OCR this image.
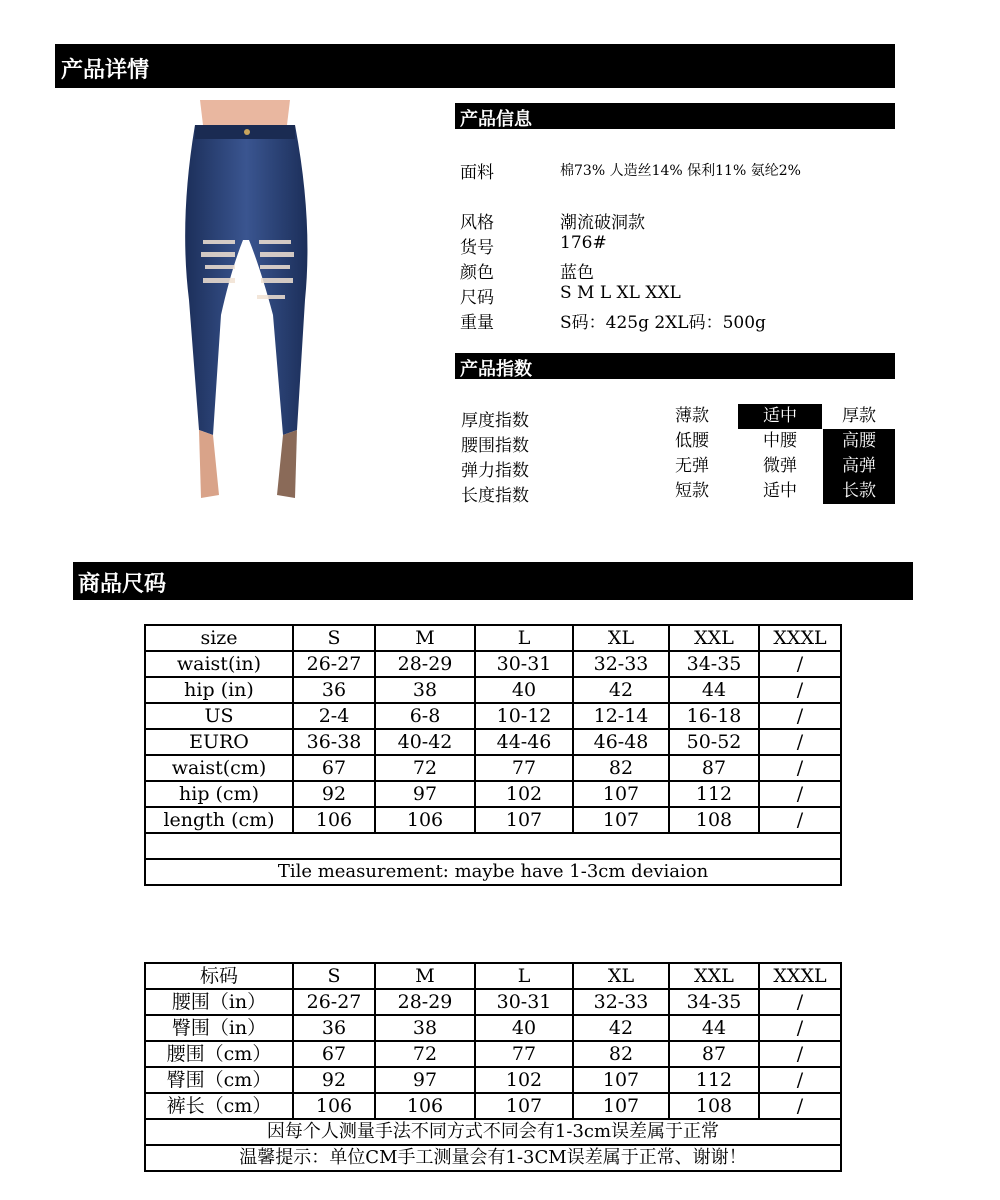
产品详情
产品信息
产品指数
商品尺码
面料	棉73% 人造丝14% 保利11% 氨纶2%
风格	潮流破洞款
货号	176#
颜色	蓝色
尺码	S M L XL XXL
重量	S码：425g 2XL码：500g
厚度指数	薄款	适中	厚款
腰围指数	低腰	中腰	高腰
弹力指数	无弹	微弹	高弹
长度指数	短款	适中	长款
size	S	M	L	XL	XXL	XXXL
waist(in)	26-27	28-29	30-31	32-33	34-35	/
hip (in)	36	38	40	42	44	/
US	2-4	6-8	10-12	12-14	16-18	/
EURO	36-38	40-42	44-46	46-48	50-52	/
waist(cm)	67	72	77	82	87	/
hip (cm)	92	97	102	107	112	/
length (cm)	106	106	107	107	108	/

Tile measurement: maybe have 1-3cm deviaion						
标码	S	M	L	XL	XXL	XXXL
腰围（in）	26-27	28-29	30-31	32-33	34-35	/
臀围（in）	36	38	40	42	44	/
腰围（cm）	67	72	77	82	87	/
臀围（cm）	92	97	102	107	112	/
裤长（cm）	106	106	107	107	108	/
因每个人测量手法不同方式不同会有1-3cm误差属于正常						
温馨提示：单位CM手工测量会有1-3CM误差属于正常、谢谢！						
